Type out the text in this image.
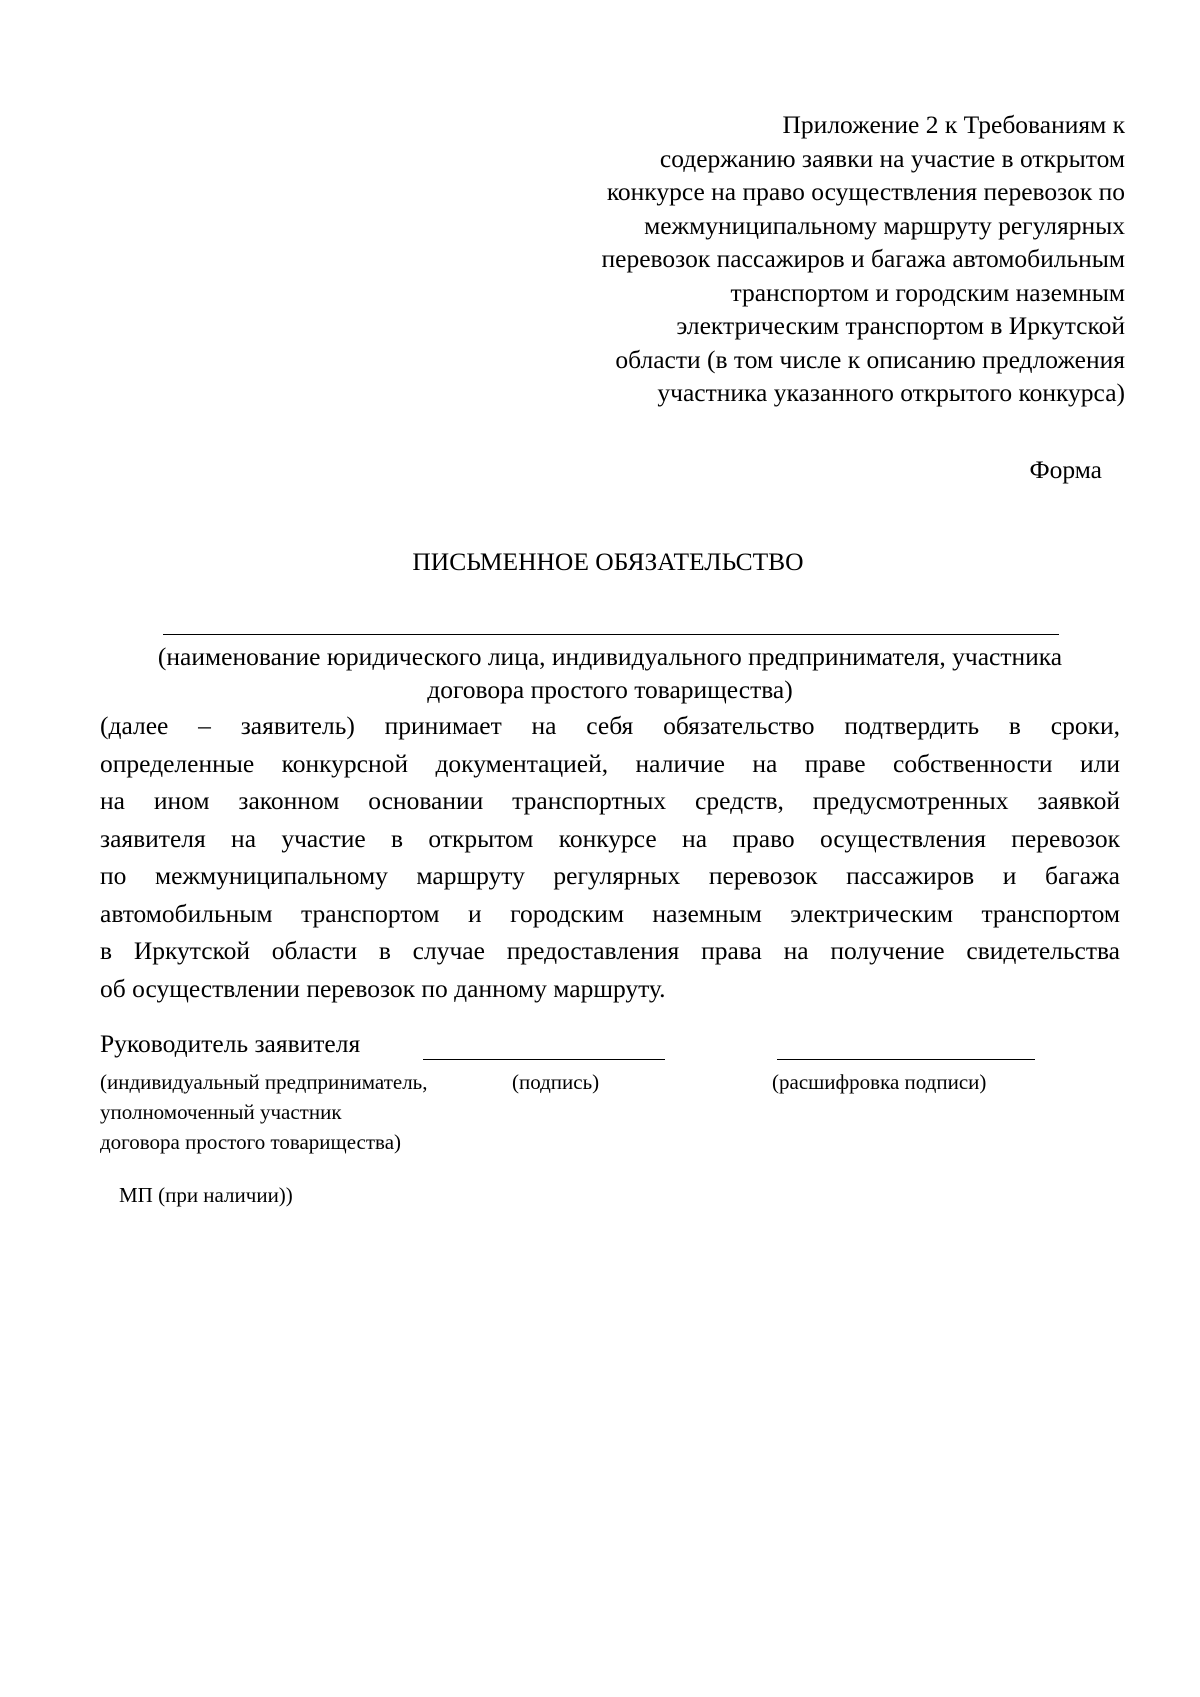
Приложение 2 к Требованиям к
содержанию заявки на участие в открытом
конкурсе на право осуществления перевозок по
межмуниципальному маршруту регулярных
перевозок пассажиров и багажа автомобильным
транспортом и городским наземным
электрическим транспортом в Иркутской
области (в том числе к описанию предложения
участника указанного открытого конкурса)
Форма
ПИСЬМЕННОЕ ОБЯЗАТЕЛЬСТВО
(наименование юридического лица, индивидуального предпринимателя, участника
договора простого товарищества)
(далее – заявитель) принимает на себя обязательство подтвердить в сроки,
определенные конкурсной документацией, наличие на праве собственности или
на ином законном основании транспортных средств, предусмотренных заявкой
заявителя на участие в открытом конкурсе на право осуществления перевозок
по межмуниципальному маршруту регулярных перевозок пассажиров и багажа
автомобильным транспортом и городским наземным электрическим транспортом
в Иркутской области в случае предоставления права на получение свидетельства
об осуществлении перевозок по данному маршруту.
Руководитель заявителя
(индивидуальный предприниматель,
уполномоченный участник
договора простого товарищества)
(подпись)	(расшифровка подписи)
МП (при наличии))
